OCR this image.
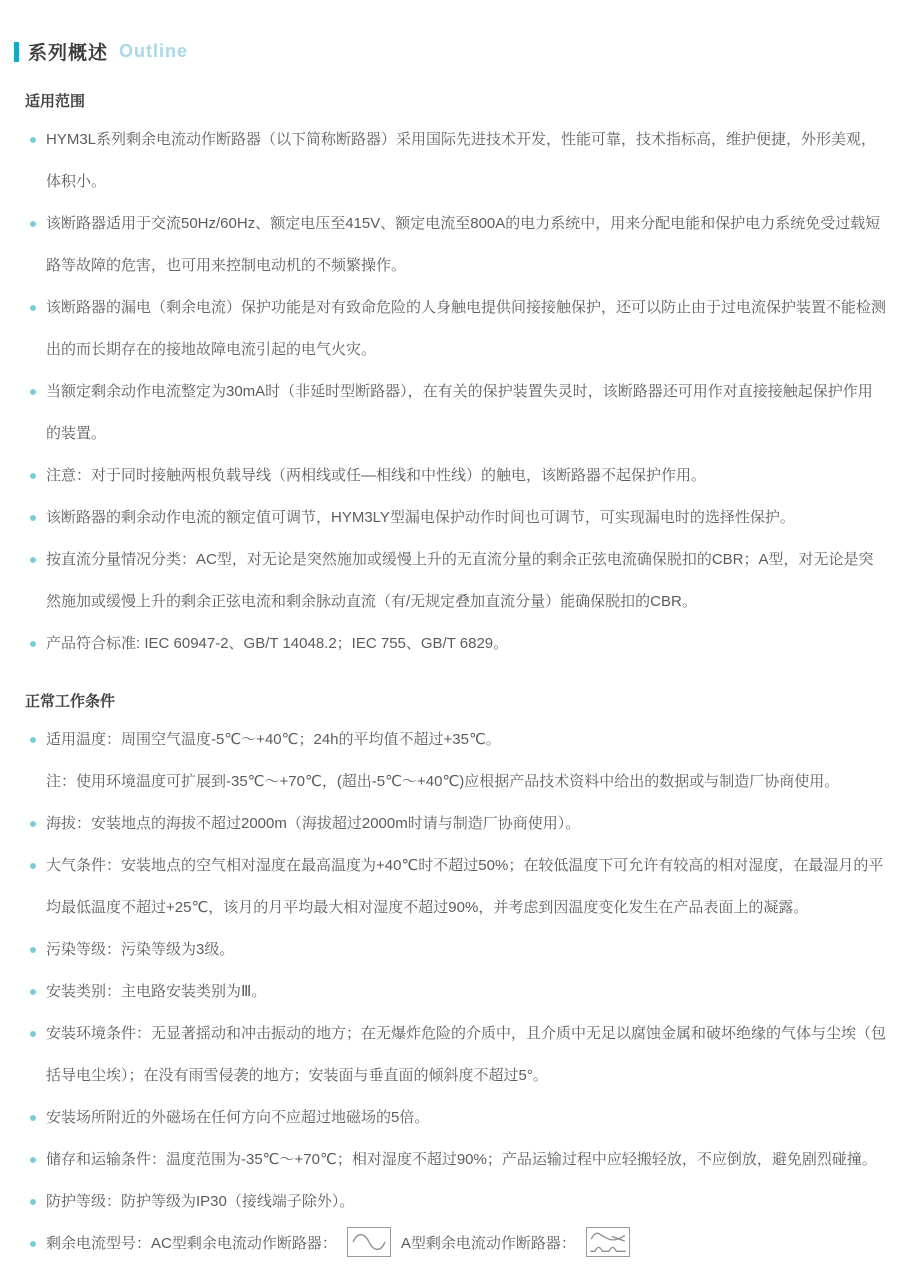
系列概述 Outline
适用范围
HYM3L系列剩余电流动作断路器（以下简称断路器）采用国际先进技术开发，性能可靠，技术指标高，维护便捷，外形美观，体积小。
该断路器适用于交流50Hz/60Hz、额定电压至415V、额定电流至800A的电力系统中，用来分配电能和保护电力系统免受过载短路等故障的危害，也可用来控制电动机的不频繁操作。
该断路器的漏电（剩余电流）保护功能是对有致命危险的人身触电提供间接接触保护，还可以防止由于过电流保护装置不能检测出的而长期存在的接地故障电流引起的电气火灾。
当额定剩余动作电流整定为30mA时（非延时型断路器），在有关的保护装置失灵时，该断路器还可用作对直接接触起保护作用的装置。
注意：对于同时接触两根负载导线（两相线或任—相线和中性线）的触电，该断路器不起保护作用。
该断路器的剩余动作电流的额定值可调节，HYM3LY型漏电保护动作时间也可调节，可实现漏电时的选择性保护。
按直流分量情况分类：AC型，对无论是突然施加或缓慢上升的无直流分量的剩余正弦电流确保脱扣的CBR；A型，对无论是突然施加或缓慢上升的剩余正弦电流和剩余脉动直流（有/无规定叠加直流分量）能确保脱扣的CBR。
产品符合标准: IEC 60947-2、GB/T 14048.2；IEC 755、GB/T 6829。
正常工作条件
适用温度：周围空气温度-5℃～+40℃；24h的平均值不超过+35℃。
注：使用环境温度可扩展到-35℃～+70℃，(超出-5℃～+40℃)应根据产品技术资料中给出的数据或与制造厂协商使用。
海拔：安装地点的海拔不超过2000m（海拔超过2000m时请与制造厂协商使用）。
大气条件：安装地点的空气相对湿度在最高温度为+40℃时不超过50%；在较低温度下可允许有较高的相对湿度，在最湿月的平均最低温度不超过+25℃，该月的月平均最大相对湿度不超过90%，并考虑到因温度变化发生在产品表面上的凝露。
污染等级：污染等级为3级。
安装类别：主电路安装类别为Ⅲ。
安装环境条件：无显著摇动和冲击振动的地方；在无爆炸危险的介质中，且介质中无足以腐蚀金属和破坏绝缘的气体与尘埃（包括导电尘埃）；在没有雨雪侵袭的地方；安装面与垂直面的倾斜度不超过5°。
安装场所附近的外磁场在任何方向不应超过地磁场的5倍。
储存和运输条件：温度范围为-35℃～+70℃；相对湿度不超过90%；产品运输过程中应轻搬轻放，不应倒放，避免剧烈碰撞。
防护等级：防护等级为IP30（接线端子除外）。
剩余电流型号：AC型剩余电流动作断路器：	A型剩余电流动作断路器：
